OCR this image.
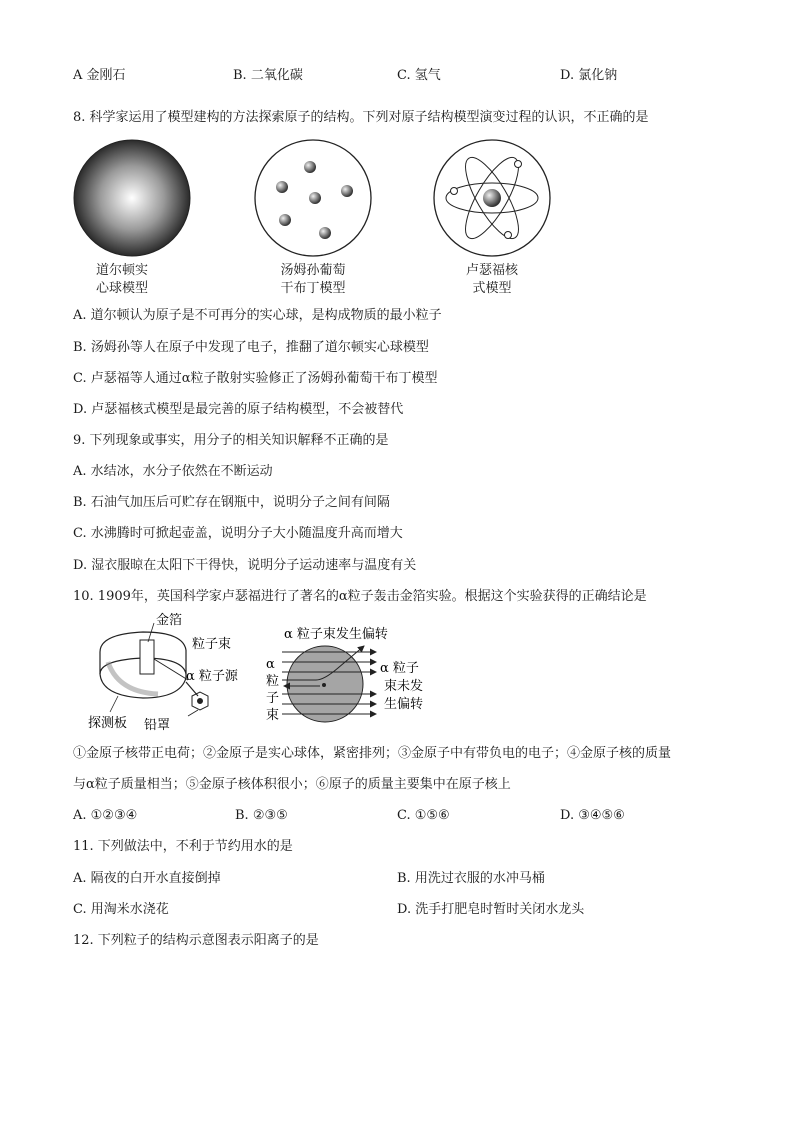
A 金刚石	B. 二氧化碳	C. 氢气	D. 氯化钠
8. 科学家运用了模型建构的方法探索原子的结构。下列对原子结构模型演变过程的认识，不正确的是
道尔顿实
心球模型
汤姆孙葡萄
干布丁模型
卢瑟福核
式模型
A. 道尔顿认为原子是不可再分的实心球，是构成物质的最小粒子
B. 汤姆孙等人在原子中发现了电子，推翻了道尔顿实心球模型
C. 卢瑟福等人通过α粒子散射实验修正了汤姆孙葡萄干布丁模型
D. 卢瑟福核式模型是最完善的原子结构模型，不会被替代
9. 下列现象或事实，用分子的相关知识解释不正确的是
A. 水结冰，水分子依然在不断运动
B. 石油气加压后可贮存在钢瓶中，说明分子之间有间隔
C. 水沸腾时可掀起壶盖，说明分子大小随温度升高而增大
D. 湿衣服晾在太阳下干得快，说明分子运动速率与温度有关
10. 1909年，英国科学家卢瑟福进行了著名的α粒子轰击金箔实验。根据这个实验获得的正确结论是
金箔
粒子束
α 粒子源
探测板 铅罩
α 粒子束发生偏转
α
粒
子
束
α 粒子
束未发
生偏转
①金原子核带正电荷；②金原子是实心球体，紧密排列；③金原子中有带负电的电子；④金原子核的质量
与α粒子质量相当；⑤金原子核体积很小；⑥原子的质量主要集中在原子核上
A. ①②③④	B. ②③⑤	C. ①⑤⑥	D. ③④⑤⑥
11. 下列做法中，不利于节约用水的是
A. 隔夜的白开水直接倒掉	B. 用洗过衣服的水冲马桶
C. 用淘米水浇花	D. 洗手打肥皂时暂时关闭水龙头
12. 下列粒子的结构示意图表示阳离子的是
